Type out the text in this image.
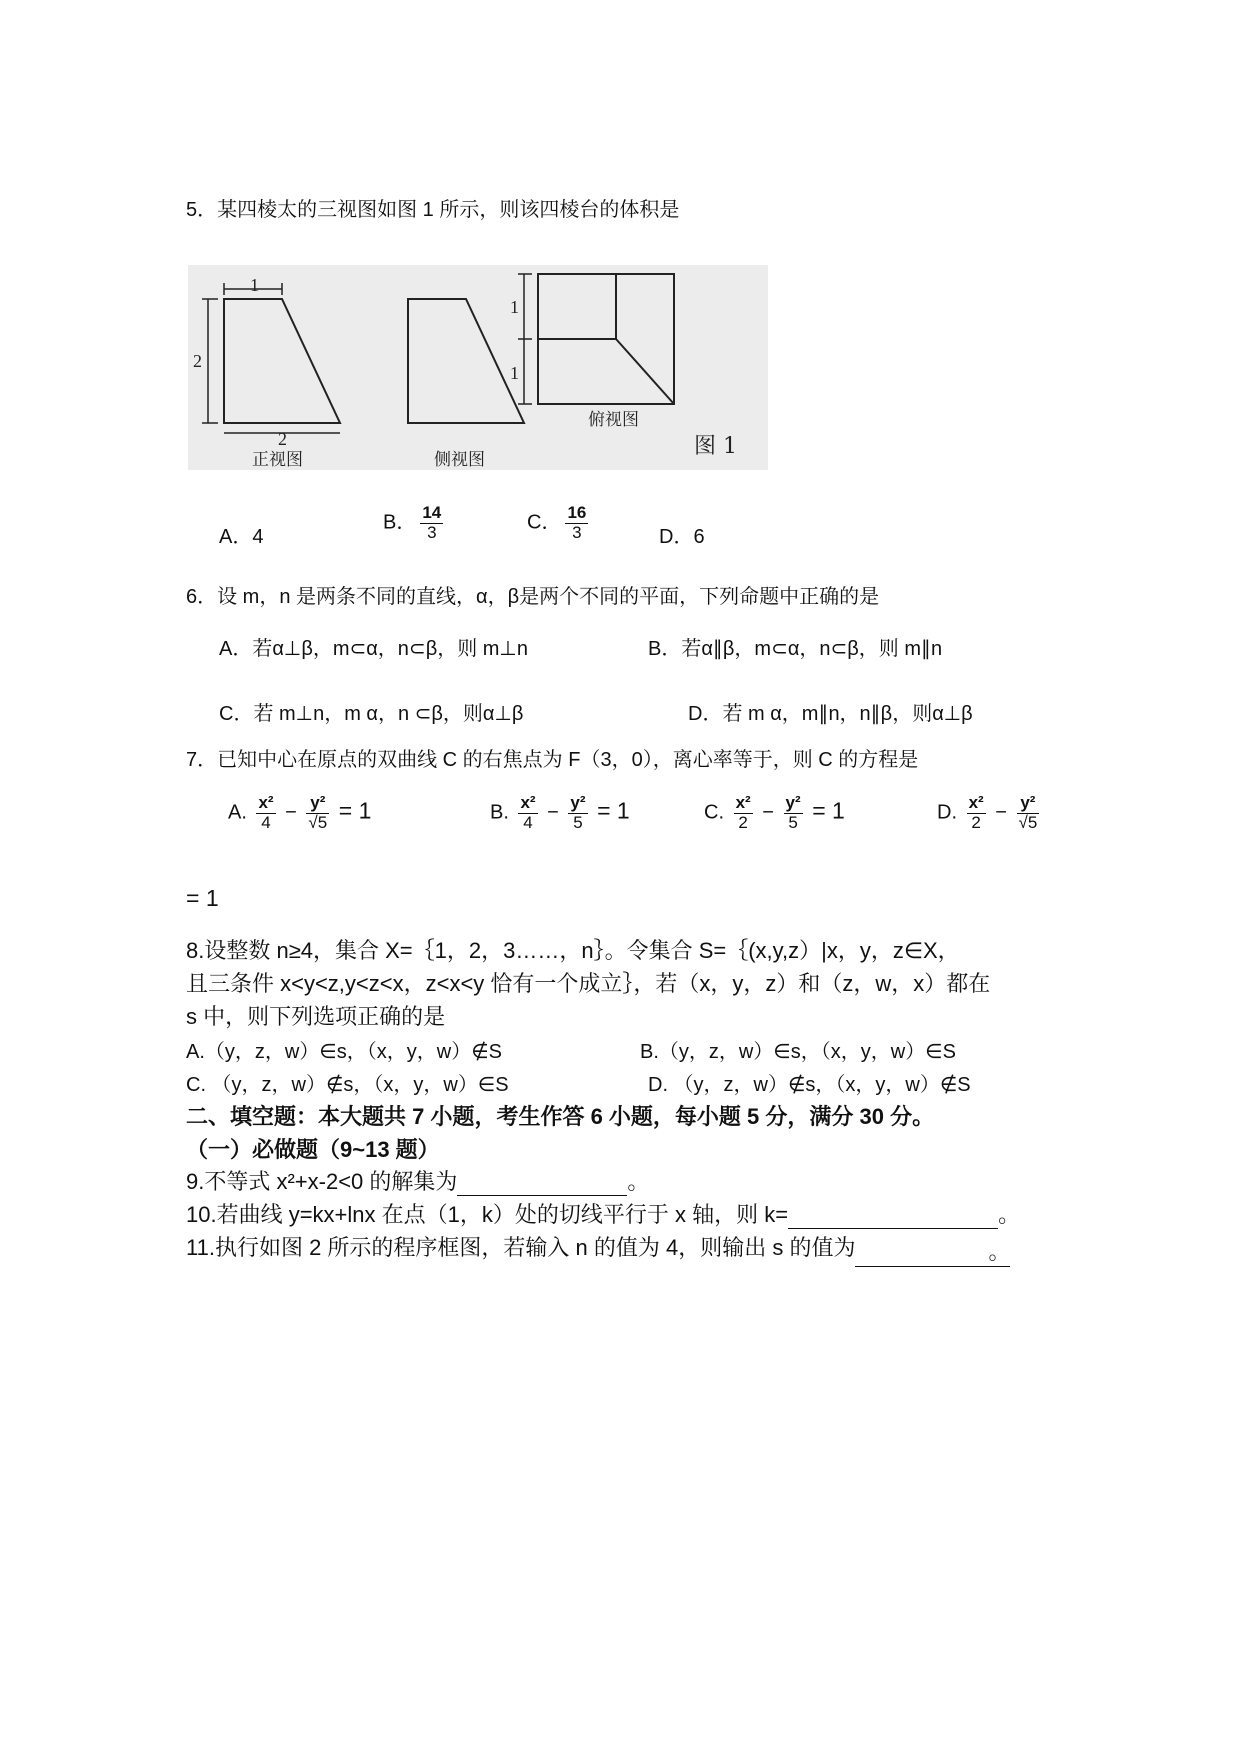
5．某四棱太的三视图如图 1 所示，则该四棱台的体积是
1
2
2
正视图	侧视图
1
1
俯视图
图 1
A．4
B． $\frac{14}{3}$	C． $\frac{16}{3}$	D．6
6．设 m，n 是两条不同的直线，α，β是两个不同的平面，下列命题中正确的是
A．若α⊥β，m⊂α，n⊂β，则 m⊥n	B．若α∥β，m⊂α，n⊂β，则 m∥n
C．若 m⊥n，m α，n ⊂β，则α⊥β	D．若 m α，m∥n，n∥β，则α⊥β
7．已知中心在原点的双曲线 C 的右焦点为 F（3，0），离心率等于，则 C 的方程是
A. $\frac{\text{x²}}{4} - \frac{\text{y²}}{√5} = 1$	B. $\frac{\text{x²}}{4} - \frac{\text{y²}}{5} = 1$	C. $\frac{\text{x²}}{2} - \frac{\text{y²}}{5} = 1$	D. $\frac{\text{x²}}{2} - \frac{\text{y²}}{√5}$
= 1
8.设整数 n≥4，集合 X=｛1，2，3……，n｝。令集合 S=｛(x,y,z）|x，y，z∈X，
且三条件 x<y<z,y<z<x，z<x<y 恰有一个成立｝，若（x，y，z）和（z，w，x）都在
s 中，则下列选项正确的是
A.（y，z，w）∈s，（x，y，w）∉S	B.（y，z，w）∈s，（x，y，w）∈S
C. （y，z，w）∉s，（x，y，w）∈S	D. （y，z，w）∉s，（x，y，w）∉S
二、填空题：本大题共 7 小题，考生作答 6 小题，每小题 5 分，满分 30 分。
（一）必做题（9~13 题）
9.不等式 x²+x-2<0 的解集为	。
10.若曲线 y=kx+lnx 在点（1，k）处的切线平行于 x 轴，则 k=	。
11.执行如图 2 所示的程序框图，若输入 n 的值为 4，则输出 s 的值为	。
